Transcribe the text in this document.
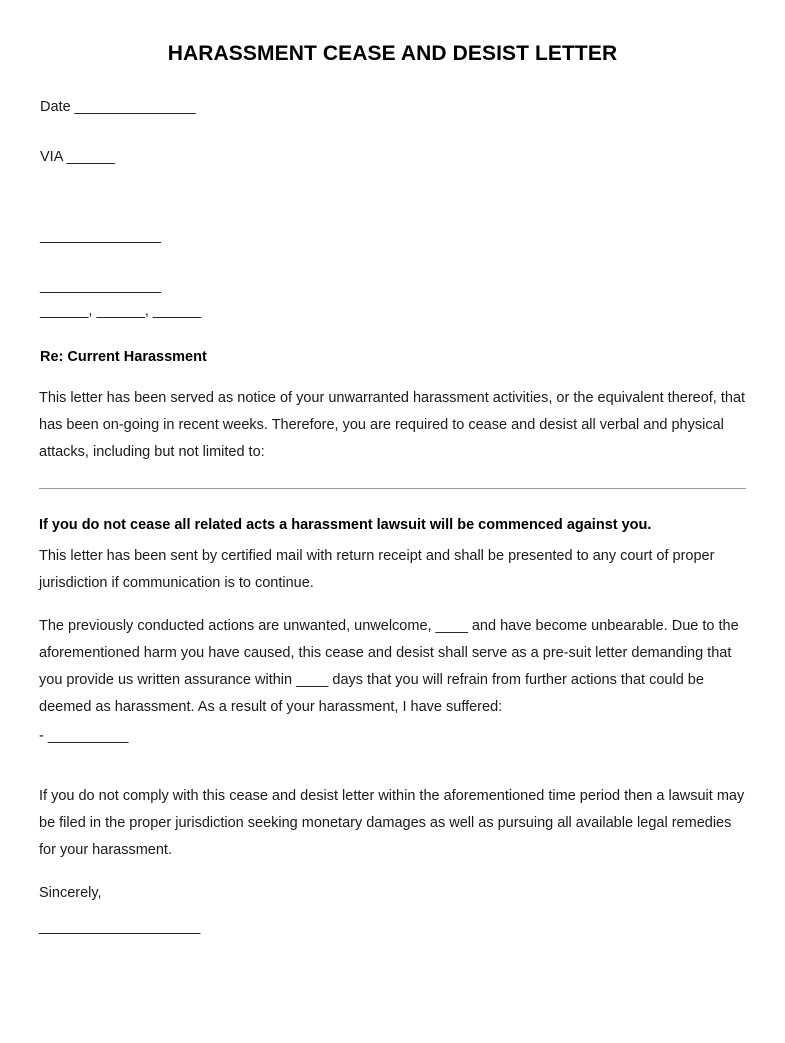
HARASSMENT CEASE AND DESIST LETTER
Date _______________
VIA ______
_______________
_______________
______, ______, ______
Re: Current Harassment
This letter has been served as notice of your unwarranted harassment activities, or the equivalent thereof, that has been on-going in recent weeks. Therefore, you are required to cease and desist all verbal and physical attacks, including but not limited to:
If you do not cease all related acts a harassment lawsuit will be commenced against you.
This letter has been sent by certified mail with return receipt and shall be presented to any court of proper jurisdiction if communication is to continue.
The previously conducted actions are unwanted, unwelcome, ____ and have become unbearable. Due to the aforementioned harm you have caused, this cease and desist shall serve as a pre-suit letter demanding that you provide us written assurance within ____ days that you will refrain from further actions that could be deemed as harassment. As a result of your harassment, I have suffered:
- __________
If you do not comply with this cease and desist letter within the aforementioned time period then a lawsuit may be filed in the proper jurisdiction seeking monetary damages as well as pursuing all available legal remedies for your harassment.
Sincerely,
____________________
